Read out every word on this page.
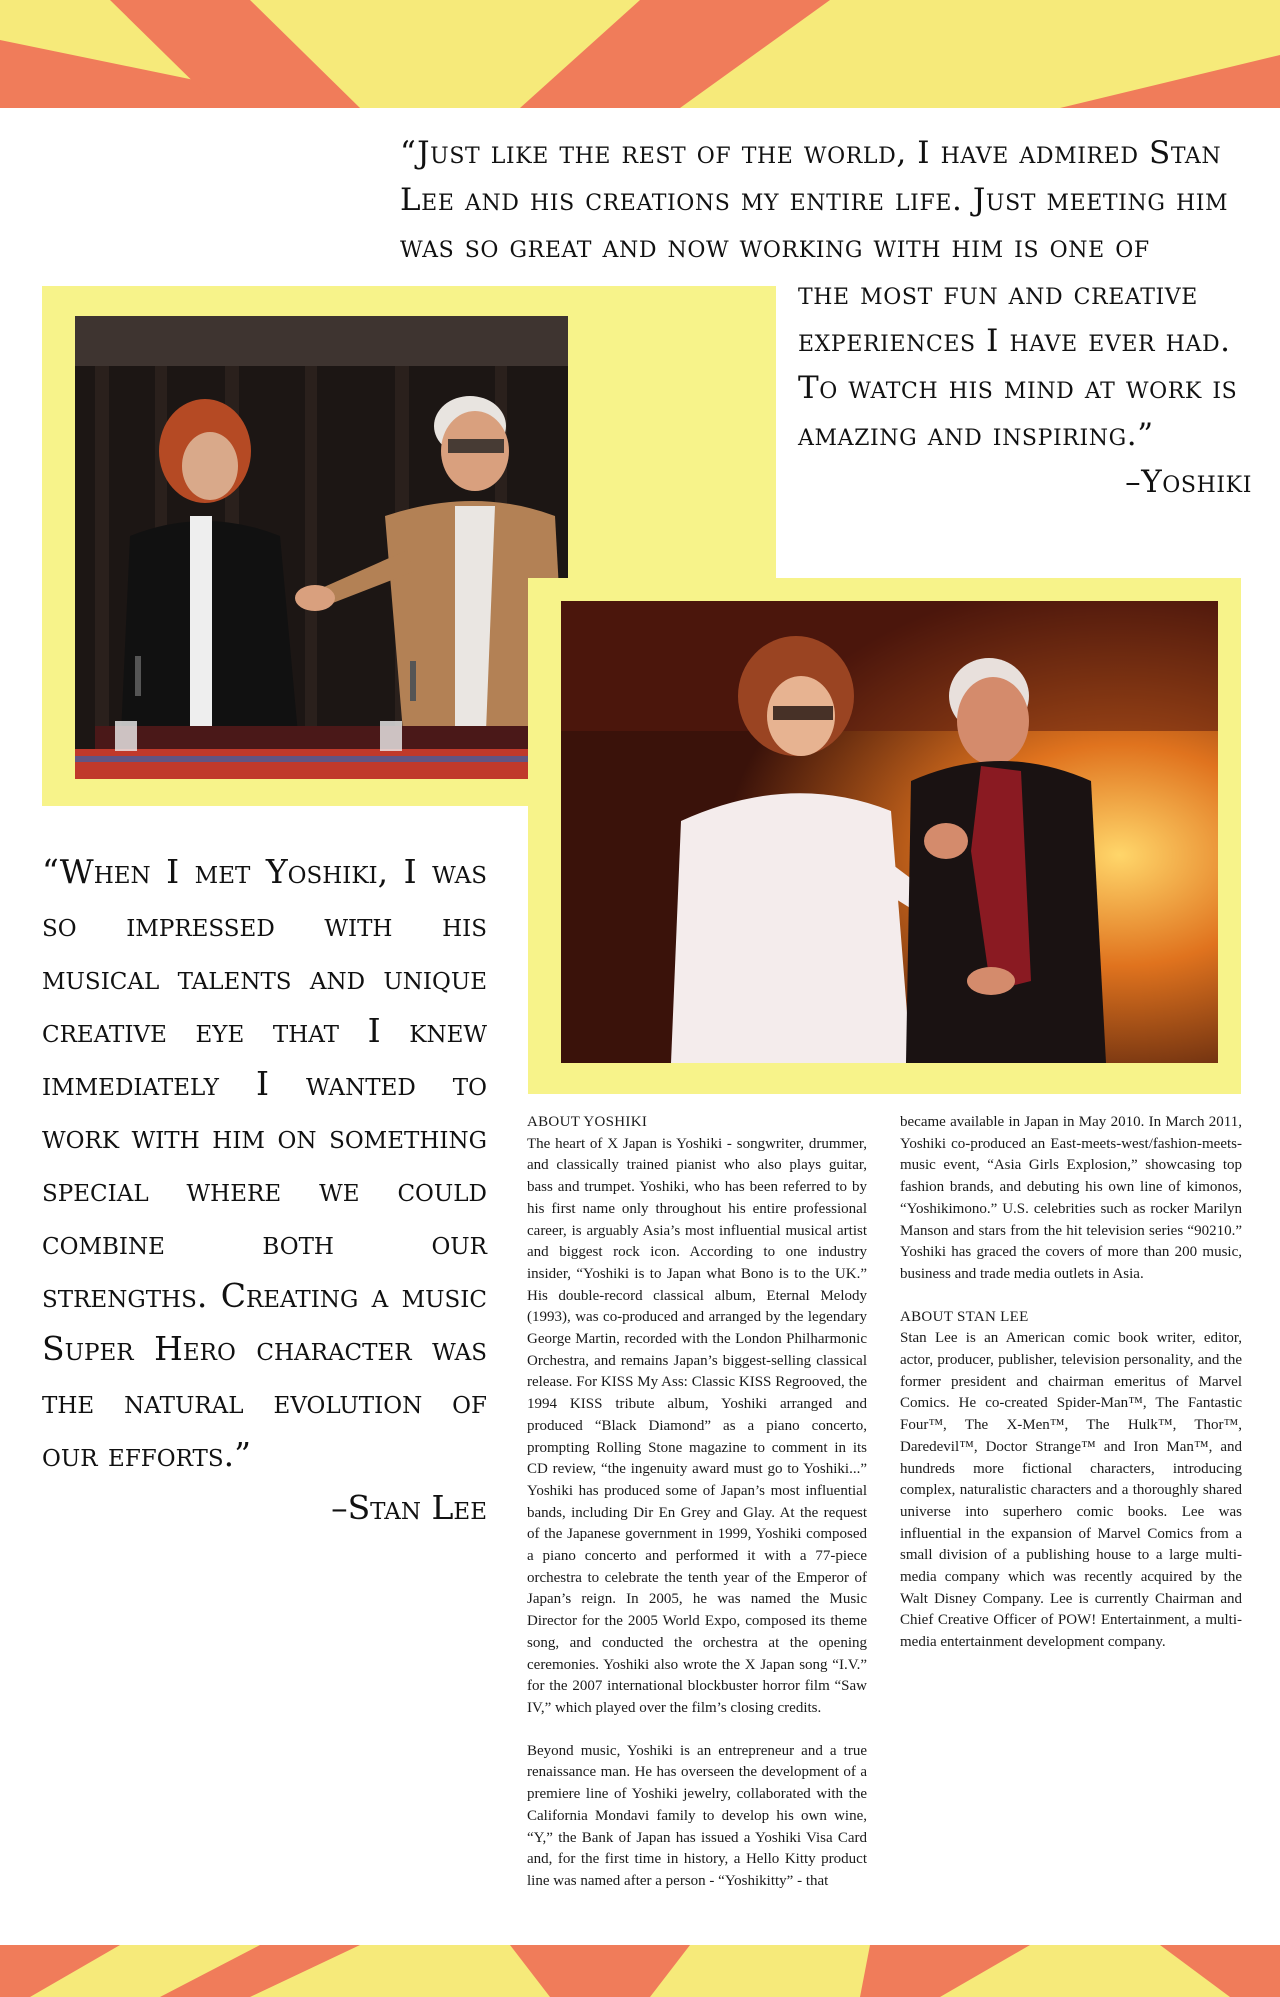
“Just like the rest of the world, I have admired Stan
Lee and his creations my entire life. Just meeting him
was so great and now working with him is one of
the most fun and creative
experiences I have ever had.
To watch his mind at work is
amazing and inspiring.”
–Yoshiki

“When I met Yoshiki, I was so impressed with his musical talents and unique creative eye that I knew immediately I wanted to work with him on something special where we could combine both our strengths. Creating a music Super Hero character was the natural evolution of our efforts.”

–Stan Lee
ABOUT YOSHIKI

The heart of X Japan is Yoshiki - songwriter, drummer, and classically trained pianist who also plays guitar, bass and trumpet. Yoshiki, who has been referred to by his first name only throughout his entire professional career, is arguably Asia’s most influential musical artist and biggest rock icon. According to one industry insider, “Yoshiki is to Japan what Bono is to the UK.” His double-record classical album, Eternal Melody (1993), was co-produced and arranged by the legendary George Martin, recorded with the London Philharmonic Orchestra, and remains Japan’s biggest-selling classical release. For KISS My Ass: Classic KISS Regrooved, the 1994 KISS tribute album, Yoshiki arranged and produced “Black Diamond” as a piano concerto, prompting Rolling Stone magazine to comment in its CD review, “the ingenuity award must go to Yoshiki...” Yoshiki has produced some of Japan’s most influential bands, including Dir En Grey and Glay. At the request of the Japanese government in 1999, Yoshiki composed a piano concerto and performed it with a 77-piece orchestra to celebrate the tenth year of the Emperor of Japan’s reign. In 2005, he was named the Music Director for the 2005 World Expo, composed its theme song, and conducted the orchestra at the opening ceremonies. Yoshiki also wrote the X Japan song “I.V.” for the 2007 international blockbuster horror film “Saw IV,” which played over the film’s closing credits.

Beyond music, Yoshiki is an entrepreneur and a true renaissance man. He has overseen the development of a premiere line of Yoshiki jewelry, collaborated with the California Mondavi family to develop his own wine, “Y,” the Bank of Japan has issued a Yoshiki Visa Card and, for the first time in history, a Hello Kitty product line was named after a person - “Yoshikitty” - that

became available in Japan in May 2010. In March 2011, Yoshiki co-produced an East-meets-west/fashion-meets-music event, “Asia Girls Explosion,” showcasing top fashion brands, and debuting his own line of kimonos, “Yoshikimono.” U.S. celebrities such as rocker Marilyn Manson and stars from the hit television series “90210.” Yoshiki has graced the covers of more than 200 music, business and trade media outlets in Asia.

ABOUT STAN LEE

Stan Lee is an American comic book writer, editor, actor, producer, publisher, television personality, and the former president and chairman emeritus of Marvel Comics. He co-created Spider-Man™, The Fantastic Four™, The X-Men™, The Hulk™, Thor™, Daredevil™, Doctor Strange™ and Iron Man™, and hundreds more fictional characters, introducing complex, naturalistic characters and a thoroughly shared universe into superhero comic books. Lee was influential in the expansion of Marvel Comics from a small division of a publishing house to a large multi-media company which was recently acquired by the Walt Disney Company. Lee is currently Chairman and Chief Creative Officer of POW! Entertainment, a multi-media entertainment development company.
